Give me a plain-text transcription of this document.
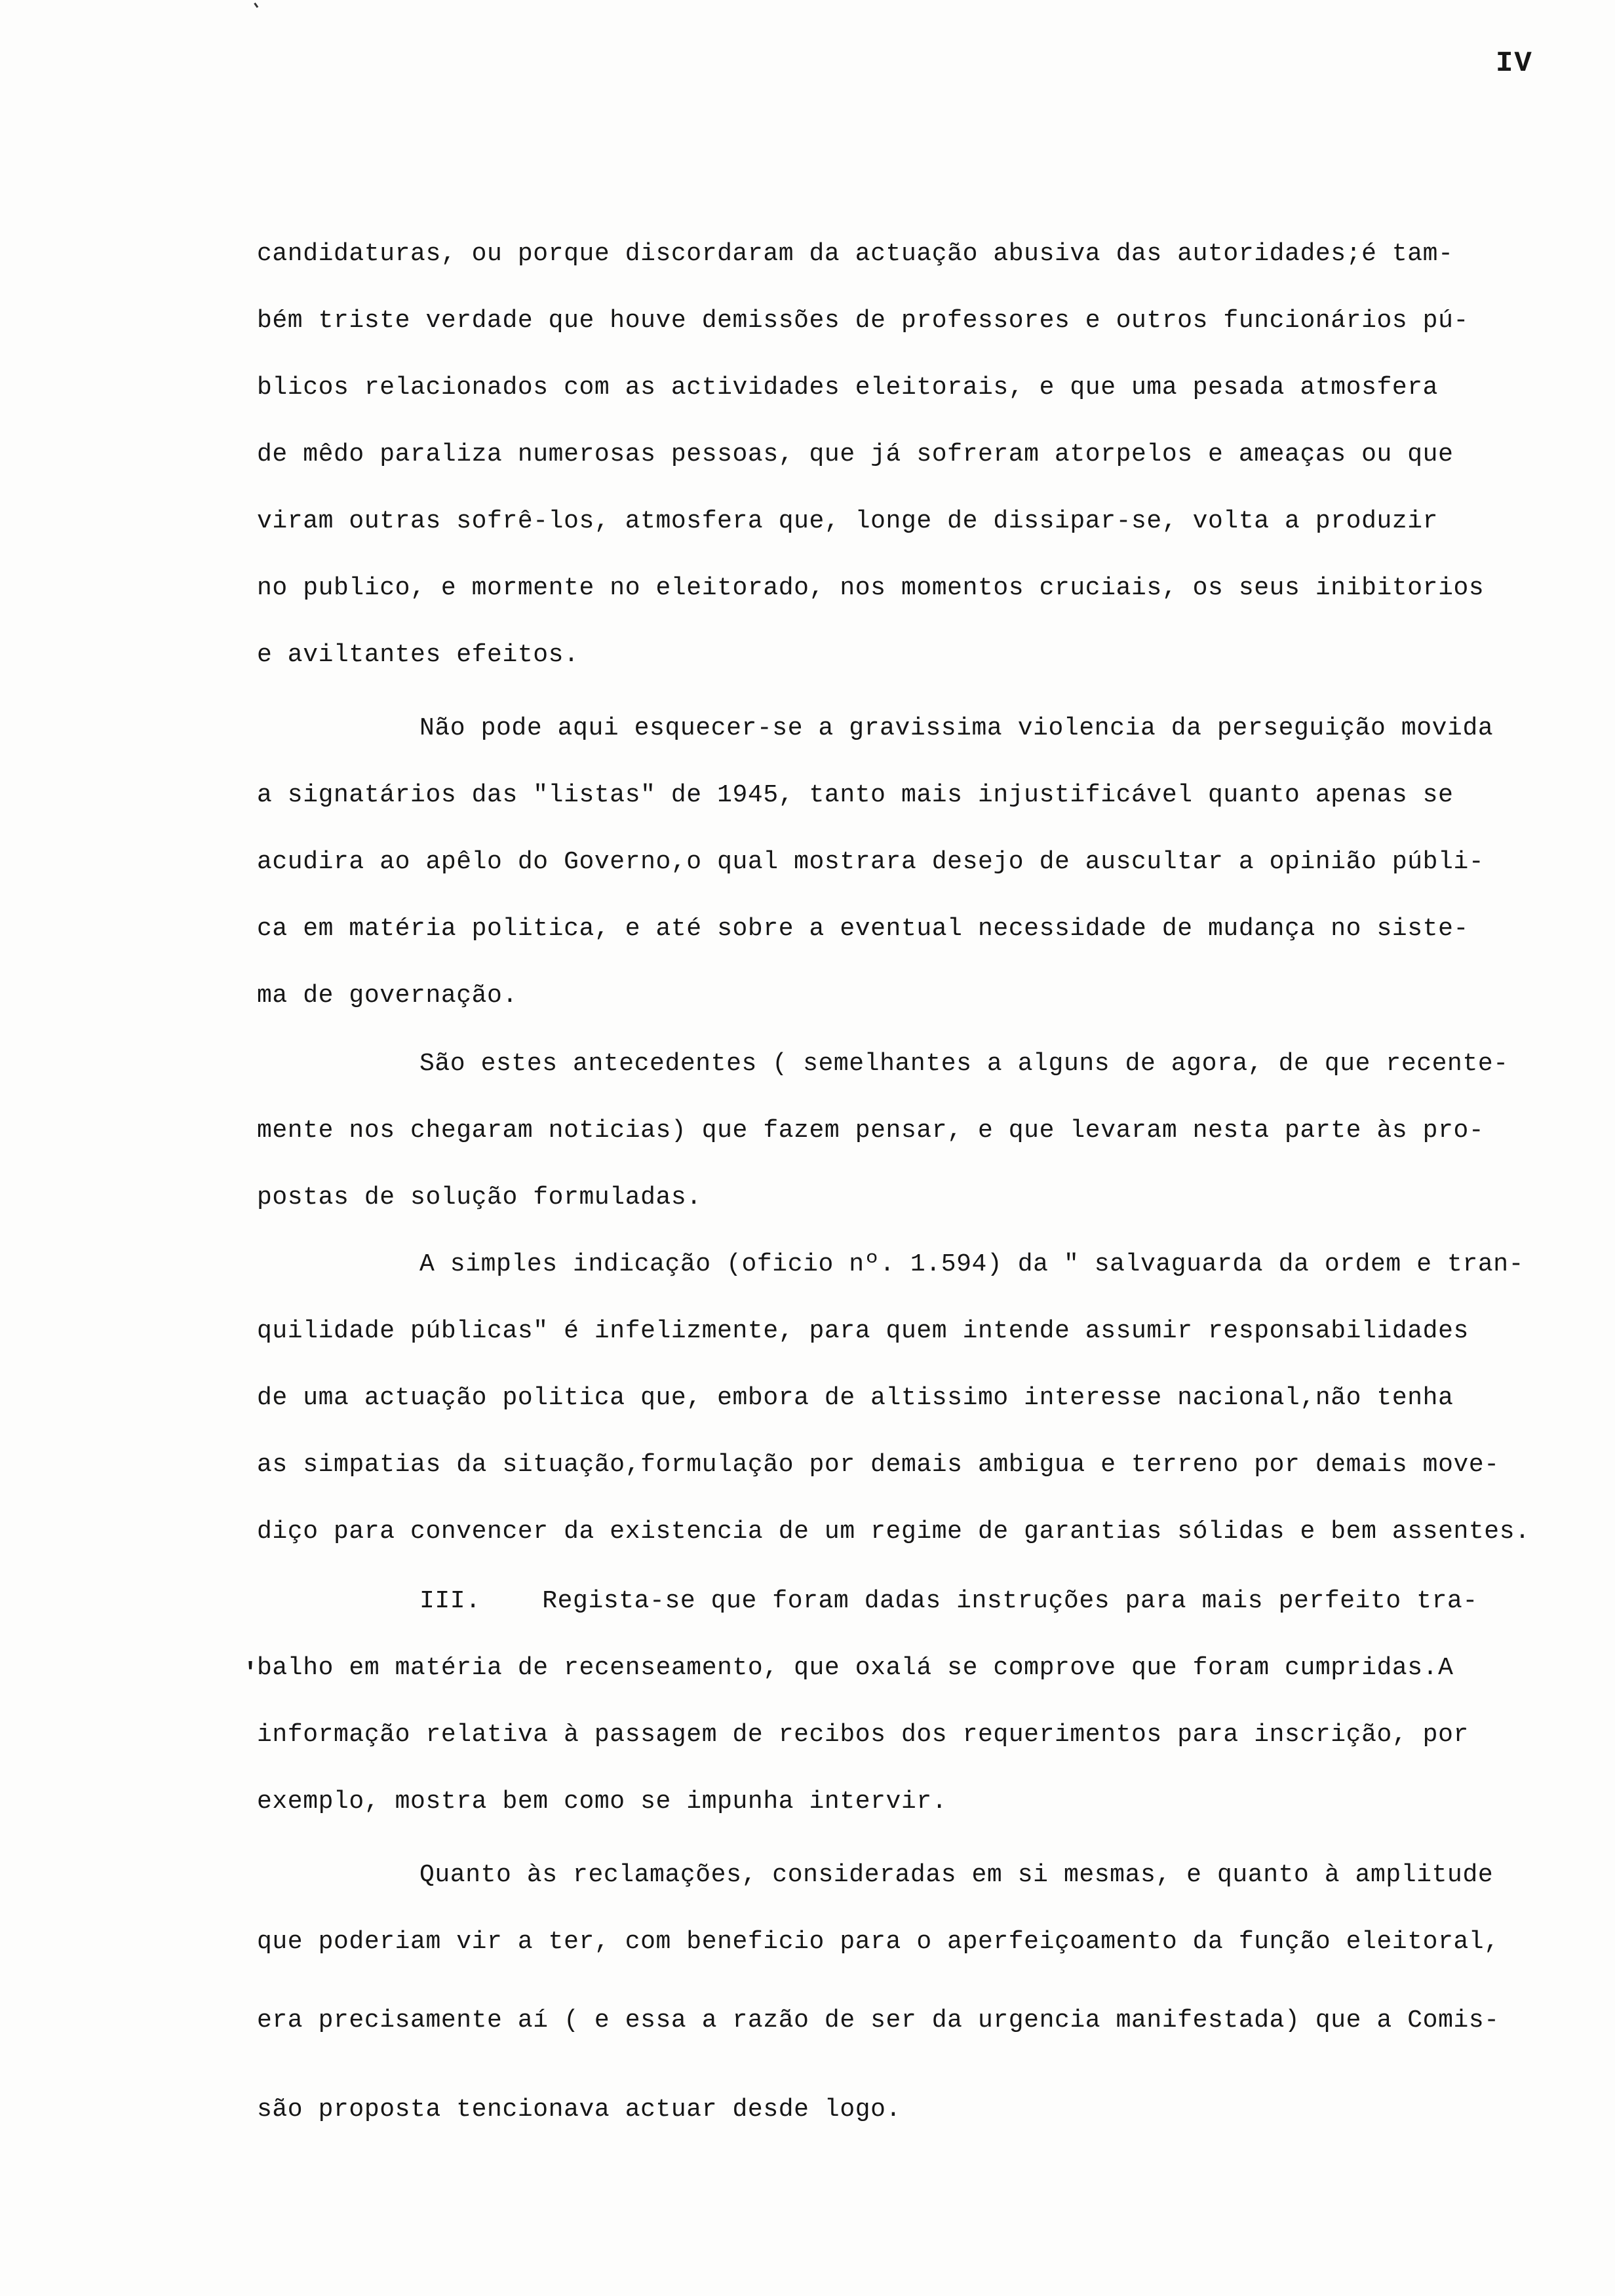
IV
'
candidaturas, ou porque discordaram da actuação abusiva das autoridades;é tam-
bém triste verdade que houve demissões de professores e outros funcionários pú-
blicos relacionados com as actividades eleitorais, e que uma pesada atmosfera
de mêdo paraliza numerosas pessoas, que já sofreram atorpelos e ameaças ou que
viram outras sofrê-los, atmosfera que, longe de dissipar-se, volta a produzir
no publico, e mormente no eleitorado, nos momentos cruciais, os seus inibitorios
e aviltantes efeitos.
Não pode aqui esquecer-se a gravissima violencia da perseguição movida
a signatários das "listas" de 1945, tanto mais injustificável quanto apenas se
acudira ao apêlo do Governo,o qual mostrara desejo de auscultar a opinião públi-
ca em matéria politica, e até sobre a eventual necessidade de mudança no siste-
ma de governação.
São estes antecedentes ( semelhantes a alguns de agora, de que recente-
mente nos chegaram noticias) que fazem pensar, e que levaram nesta parte às pro-
postas de solução formuladas.
A simples indicação (oficio nº. 1.594) da " salvaguarda da ordem e tran-
quilidade públicas" é infelizmente, para quem intende assumir responsabilidades
de uma actuação politica que, embora de altissimo interesse nacional,não tenha
as simpatias da situação,formulação por demais ambigua e terreno por demais move-
diço para convencer da existencia de um regime de garantias sólidas e bem assentes.
III.    Regista-se que foram dadas instruções para mais perfeito tra-
balho em matéria de recenseamento, que oxalá se comprove que foram cumpridas.A
informação relativa à passagem de recibos dos requerimentos para inscrição, por
exemplo, mostra bem como se impunha intervir.
Quanto às reclamações, consideradas em si mesmas, e quanto à amplitude
que poderiam vir a ter, com beneficio para o aperfeiçoamento da função eleitoral,
era precisamente aí ( e essa a razão de ser da urgencia manifestada) que a Comis-
são proposta tencionava actuar desde logo.
